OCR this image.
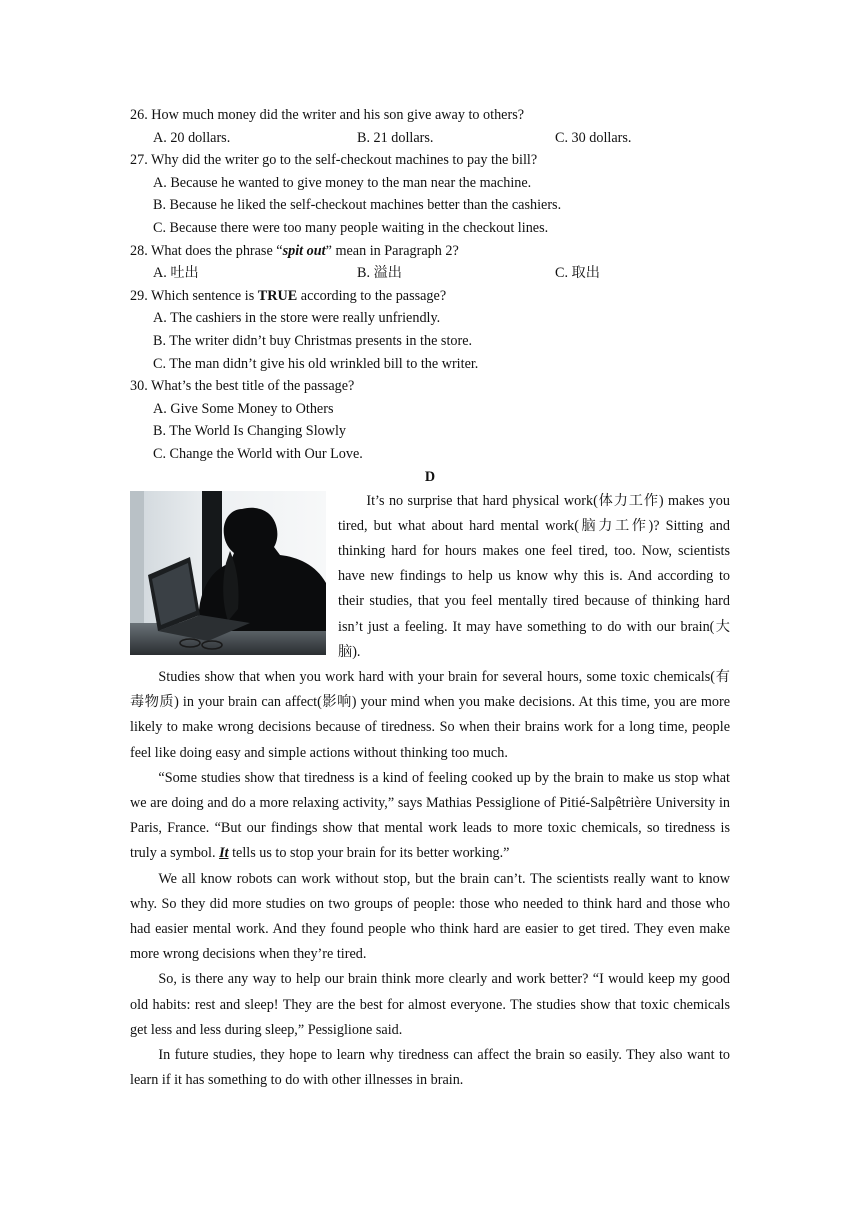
26. How much money did the writer and his son give away to others?
A. 20 dollars.	B. 21 dollars.	C. 30 dollars.
27. Why did the writer go to the self-checkout machines to pay the bill?
A. Because he wanted to give money to the man near the machine.
B. Because he liked the self-checkout machines better than the cashiers.
C. Because there were too many people waiting in the checkout lines.
28. What does the phrase “spit out” mean in Paragraph 2?
A. 吐出	B. 溢出	C. 取出
29. Which sentence is TRUE according to the passage?
A. The cashiers in the store were really unfriendly.
B. The writer didn’t buy Christmas presents in the store.
C. The man didn’t give his old wrinkled bill to the writer.
30. What’s the best title of the passage?
A. Give Some Money to Others
B. The World Is Changing Slowly
C. Change the World with Our Love.
D

It’s no surprise that hard physical work(体力工作) makes you tired, but what about hard mental work(脑力工作)? Sitting and thinking hard for hours makes one feel tired, too. Now, scientists have new findings to help us know why this is. And according to their studies, that you feel mentally tired because of thinking hard isn’t just a feeling. It may have something to do with our brain(大脑).

Studies show that when you work hard with your brain for several hours, some toxic chemicals(有毒物质) in your brain can affect(影响) your mind when you make decisions. At this time, you are more likely to make wrong decisions because of tiredness. So when their brains work for a long time, people feel like doing easy and simple actions without thinking too much.

“Some studies show that tiredness is a kind of feeling cooked up by the brain to make us stop what we are doing and do a more relaxing activity,” says Mathias Pessiglione of Pitié-Salpêtrière University in Paris, France. “But our findings show that mental work leads to more toxic chemicals, so tiredness is truly a symbol. It tells us to stop your brain for its better working.”

We all know robots can work without stop, but the brain can’t. The scientists really want to know why. So they did more studies on two groups of people: those who needed to think hard and those who had easier mental work. And they found people who think hard are easier to get tired. They even make more wrong decisions when they’re tired.

So, is there any way to help our brain think more clearly and work better? “I would keep my good old habits: rest and sleep! They are the best for almost everyone. The studies show that toxic chemicals get less and less during sleep,” Pessiglione said.

In future studies, they hope to learn why tiredness can affect the brain so easily. They also want to learn if it has something to do with other illnesses in brain.
